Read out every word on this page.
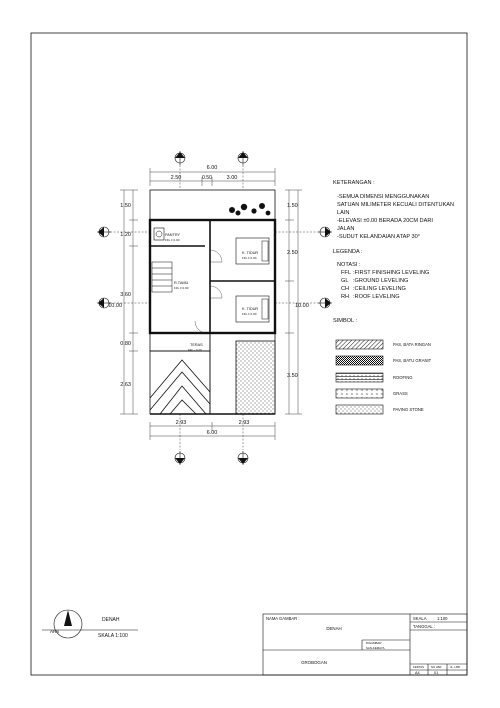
6.00
2.50	0.50	3.00
1.50
1.20
3.60
0.80
2.63
10.00
1.50
2.50
3.50
10.00
2.93	2.93
6.00
PANTRY
FFL ± 0.00
K. TIDUR
FFL ± 0.00
R.TAMU
FFL ± 0.00
K. TIDUR
FFL ± 0.00
TERAS
FFL - 0.20
NAMA GAMBAR :
DENAH
GROBOGAN
DIGAMBAR
SAN-KEMAYA
SKALA 1:100
TANGGAL :
KERTAS
A4
NO LBR
01
JL. LBR
DENAH
SKALA 1:100
ARS
KETERANGAN :
-SEMUA DIMENSI MENGGUNAKAN
SATUAN MILIMETER KECUALI DITENTUKAN
LAIN
-ELEVASI ±0.00 BERADA 20CM DARI
JALAN
-SUDUT KELANDAIAN ATAP 30°
LEGENDA :
NOTASI :
FFL :FIRST FINISHING LEVELING
GL :GROUND LEVELING
CH :CEILING LEVELING
RH :ROOF LEVELING
SIMBOL :
PAS. BATA RINGAN
PAS. BATU GRANIT
ROOFING
GRASS
PAVING STONE
